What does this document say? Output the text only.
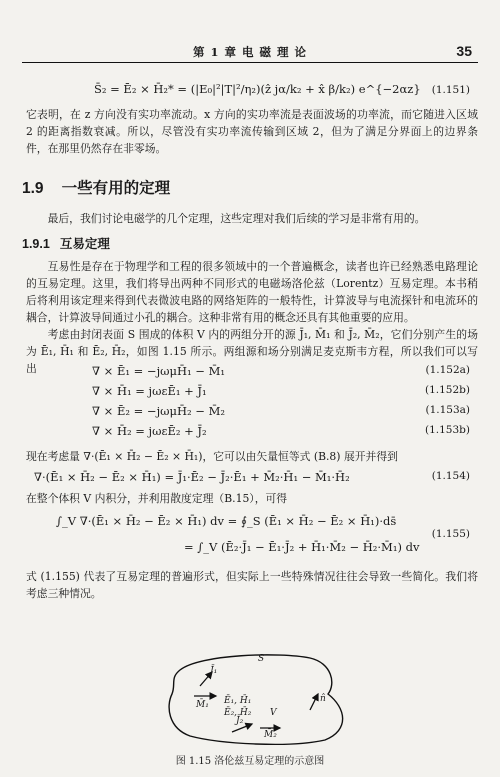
第 1 章 电 磁 理 论	35
S̄₂ = Ē₂ × H̄₂* = (|E₀|²|T|²/η₂)(ẑ jα/k₂ + x̂ β/k₂) e^{−2αz} (1.151)
它表明，在 z 方向没有实功率流动。x 方向的实功率流是表面波场的功率流，而它随进入区域 2 的距离指数衰减。所以，尽管没有实功率流传输到区域 2，但为了满足分界面上的边界条件，在那里仍然存在非零场。
1.9 一些有用的定理
最后，我们讨论电磁学的几个定理，这些定理对我们后续的学习是非常有用的。
1.9.1 互易定理
互易性是存在于物理学和工程的很多领域中的一个普遍概念，读者也许已经熟悉电路理论的互易定理。这里，我们将导出两种不同形式的电磁场洛伦兹（Lorentz）互易定理。本书稍后将利用该定理来得到代表微波电路的网络矩阵的一般特性，计算波导与电流探针和电流环的耦合，计算波导间通过小孔的耦合。这种非常有用的概念还具有其他重要的应用。
考虑由封闭表面 S 围成的体积 V 内的两组分开的源 J̄₁, M̄₁ 和 J̄₂, M̄₂，它们分别产生的场为 Ē₁, H̄₁ 和 Ē₂, H̄₂，如图 1.15 所示。两组源和场分别满足麦克斯韦方程，所以我们可以写出	∇ × Ē₁ = −jωμH̄₁ − M̄₁	(1.152a)
∇ × H̄₁ = jωεĒ₁ + J̄₁	(1.152b)
∇ × Ē₂ = −jωμH̄₂ − M̄₂	(1.153a)
∇ × H̄₂ = jωεĒ₂ + J̄₂	(1.153b)
现在考虑量 ∇·(Ē₁ × H̄₂ − Ē₂ × H̄₁)，它可以由矢量恒等式 (B.8) 展开并得到
∇·(Ē₁ × H̄₂ − Ē₂ × H̄₁) = J̄₁·Ē₂ − J̄₂·Ē₁ + M̄₂·H̄₁ − M̄₁·H̄₂	(1.154)
在整个体积 V 内积分，并利用散度定理（B.15），可得
∫_V ∇·(Ē₁ × H̄₂ − Ē₂ × H̄₁) dv = ∮_S (Ē₁ × H̄₂ − Ē₂ × H̄₁)·ds̄
= ∫_V (Ē₂·J̄₁ − Ē₁·J̄₂ + H̄₁·M̄₂ − H̄₂·M̄₁) dv
(1.155)
式 (1.155) 代表了互易定理的普遍形式，但实际上一些特殊情况往往会导致一些简化。我们将考虑三种情况。
S
J̄₁
M̄₁ Ē₁, H̄₁
Ē₂, H̄₂ V
n̂
J̄₂
M̄₂
图 1.15 洛伦兹互易定理的示意图
